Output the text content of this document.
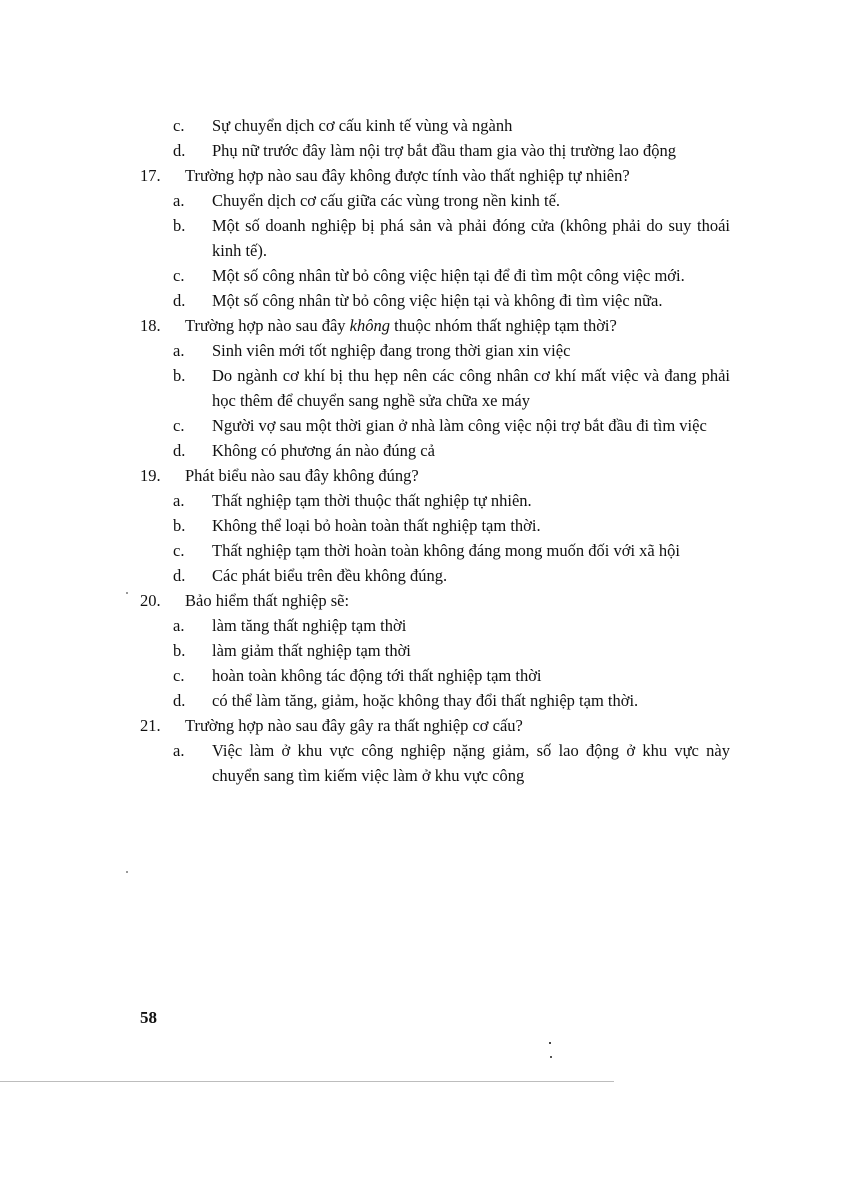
c. Sự chuyển dịch cơ cấu kinh tế vùng và ngành
d. Phụ nữ trước đây làm nội trợ bắt đầu tham gia vào thị trường lao động
17.	Trường hợp nào sau đây không được tính vào thất nghiệp tự nhiên?
a. Chuyển dịch cơ cấu giữa các vùng trong nền kinh tế.
b. Một số doanh nghiệp bị phá sản và phải đóng cửa (không phải do suy thoái kinh tế).
c. Một số công nhân từ bỏ công việc hiện tại để đi tìm một công việc mới.
d. Một số công nhân từ bỏ công việc hiện tại và không đi tìm việc nữa.
18.	Trường hợp nào sau đây không thuộc nhóm thất nghiệp tạm thời?
a. Sinh viên mới tốt nghiệp đang trong thời gian xin việc
b. Do ngành cơ khí bị thu hẹp nên các công nhân cơ khí mất việc và đang phải học thêm để chuyển sang nghề sửa chữa xe máy
c. Người vợ sau một thời gian ở nhà làm công việc nội trợ bắt đầu đi tìm việc
d. Không có phương án nào đúng cả
19.	Phát biểu nào sau đây không đúng?
a. Thất nghiệp tạm thời thuộc thất nghiệp tự nhiên.
b. Không thể loại bỏ hoàn toàn thất nghiệp tạm thời.
c. Thất nghiệp tạm thời hoàn toàn không đáng mong muốn đối với xã hội
d. Các phát biểu trên đều không đúng.
20.	Bảo hiểm thất nghiệp sẽ:
a. làm tăng thất nghiệp tạm thời
b. làm giảm thất nghiệp tạm thời
c. hoàn toàn không tác động tới thất nghiệp tạm thời
d. có thể làm tăng, giảm, hoặc không thay đổi thất nghiệp tạm thời.
21.	Trường hợp nào sau đây gây ra thất nghiệp cơ cấu?
a. Việc làm ở khu vực công nghiệp nặng giảm, số lao động ở khu vực này chuyển sang tìm kiếm việc làm ở khu vực công
58
